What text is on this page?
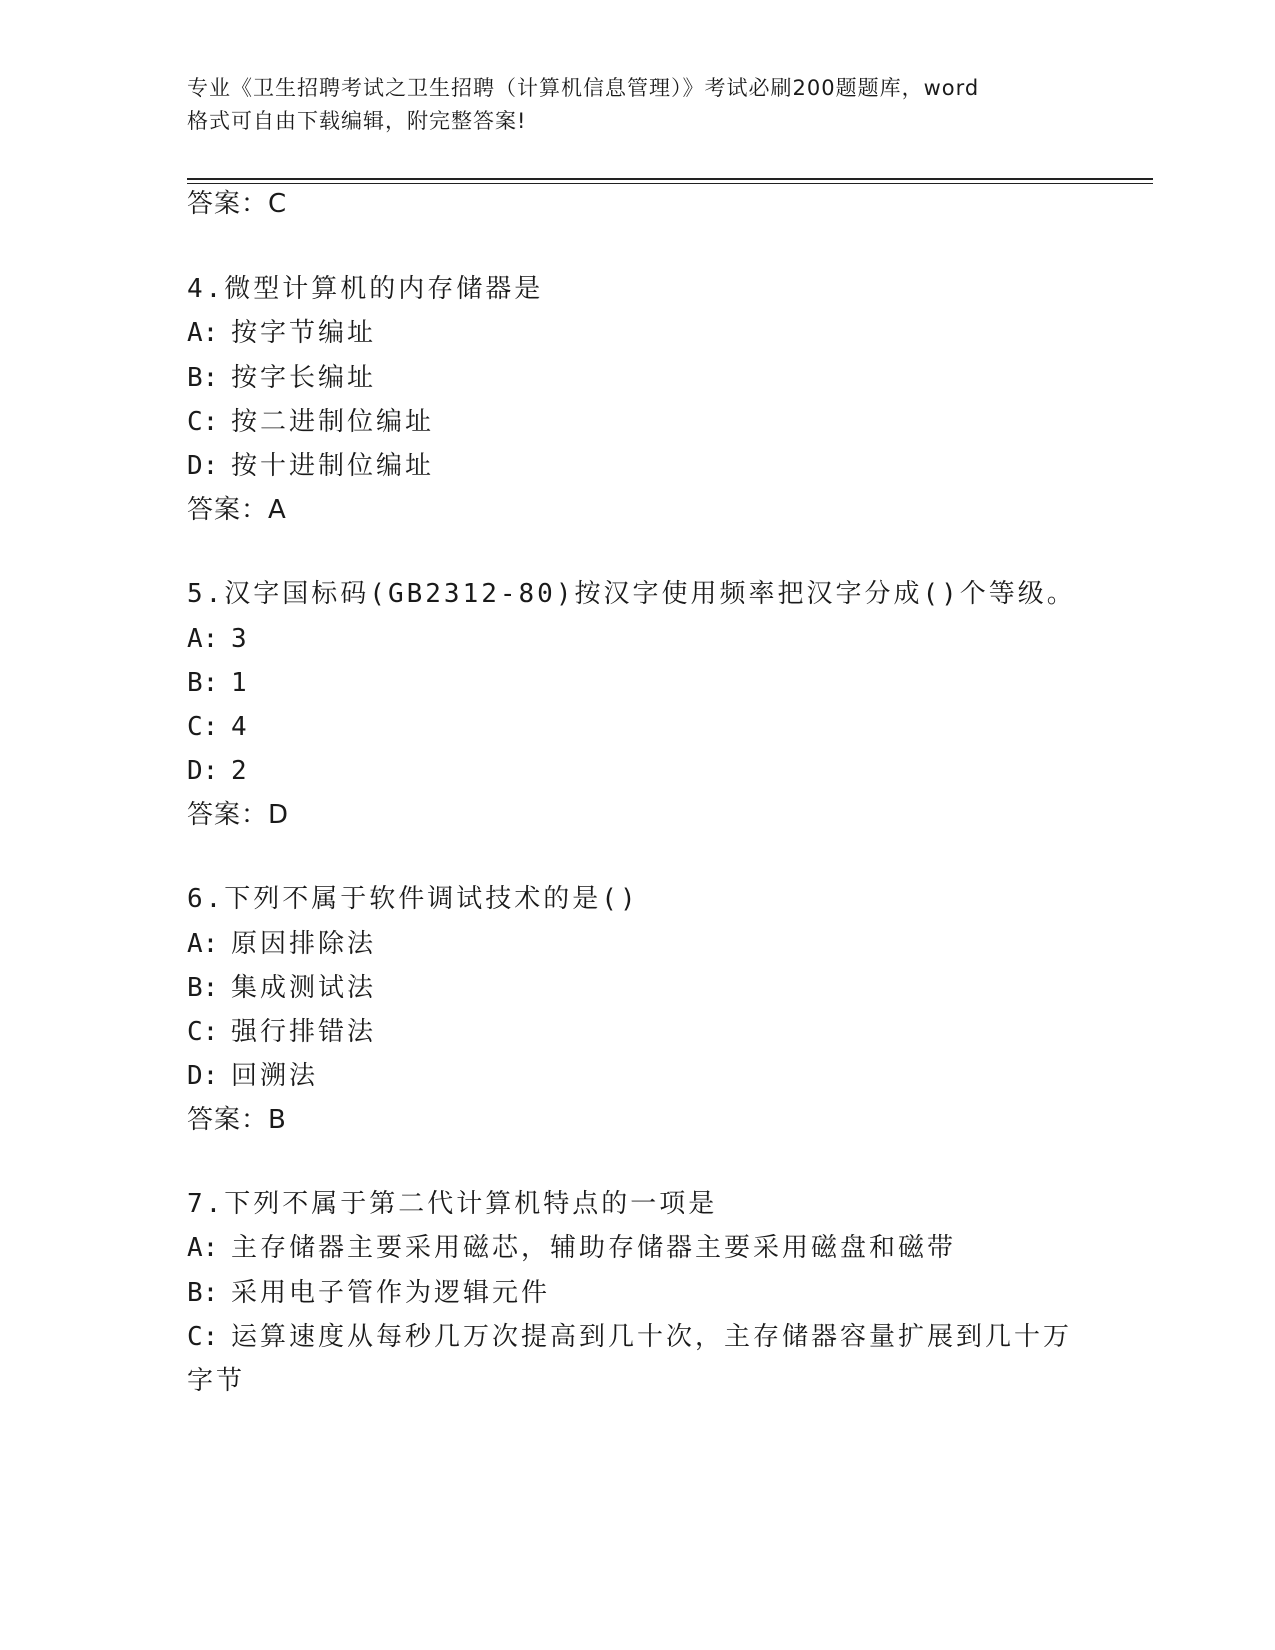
专业《卫生招聘考试之卫生招聘（计算机信息管理）》考试必刷200题题库，word
格式可自由下载编辑，附完整答案!
答案：C
4.微型计算机的内存储器是
A: 按字节编址
B: 按字长编址
C: 按二进制位编址
D: 按十进制位编址
答案：A
5.汉字国标码(GB2312-80)按汉字使用频率把汉字分成()个等级。
A: 3
B: 1
C: 4
D: 2
答案：D
6.下列不属于软件调试技术的是()
A: 原因排除法
B: 集成测试法
C: 强行排错法
D: 回溯法
答案：B
7.下列不属于第二代计算机特点的一项是
A: 主存储器主要采用磁芯，辅助存储器主要采用磁盘和磁带
B: 采用电子管作为逻辑元件
C: 运算速度从每秒几万次提高到几十次，主存储器容量扩展到几十万
字节
